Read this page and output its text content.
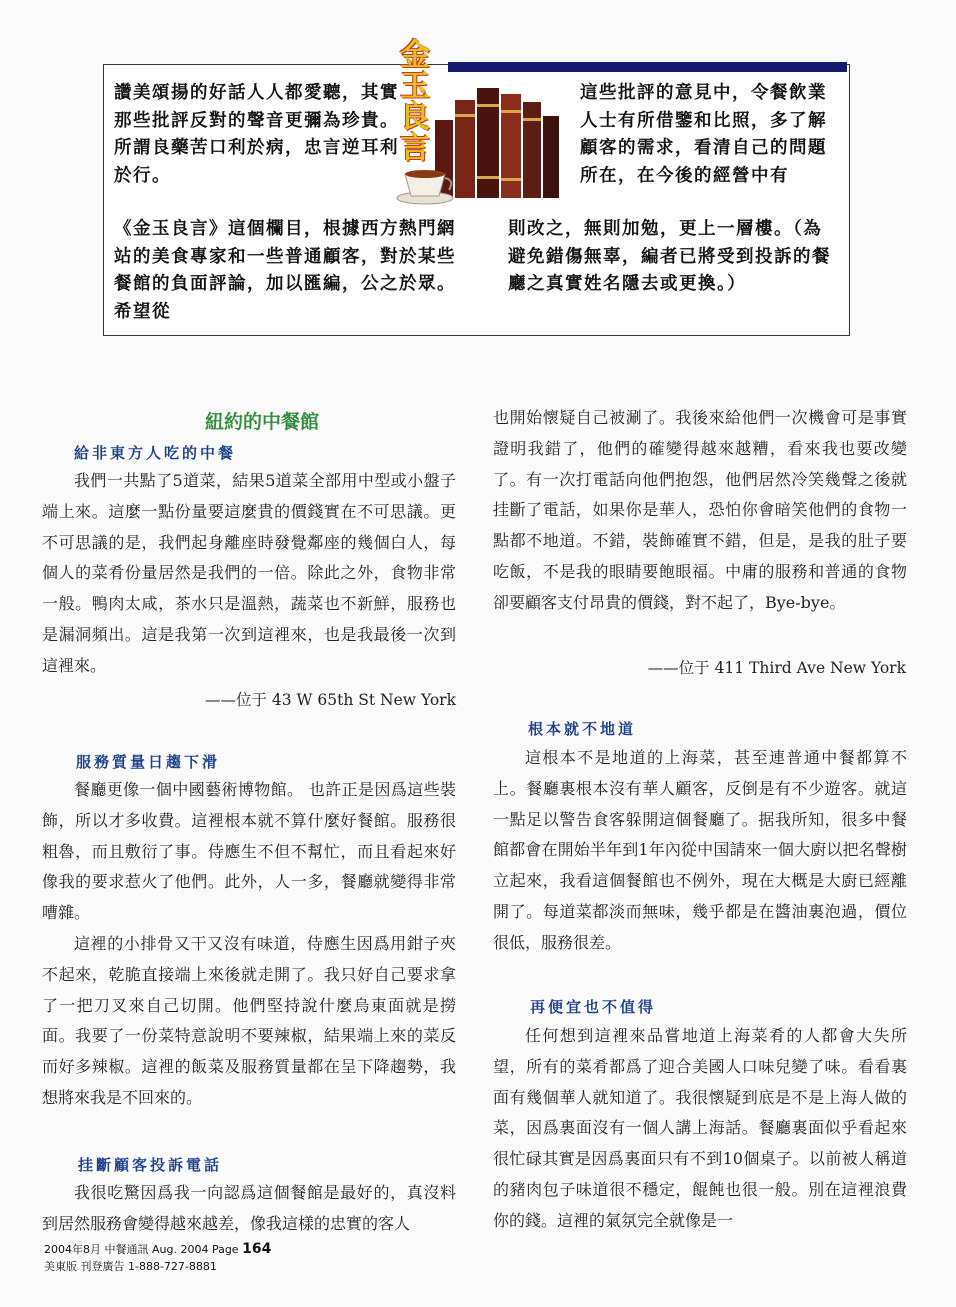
讚美頌揚的好話人人都愛聽，其實那些批評反對的聲音更彌為珍貴。所謂良藥苦口利於病，忠言逆耳利於行。

這些批評的意見中，令餐飲業人士有所借鑒和比照，多了解顧客的需求，看清自己的問題所在，在今後的經營中有

《金玉良言》這個欄目，根據西方熱門網站的美食專家和一些普通顧客，對於某些餐館的負面評論，加以匯編，公之於眾。希望從

則改之，無則加勉，更上一層樓。（為避免錯傷無辜，編者已將受到投訴的餐廳之真實姓名隱去或更換。）

金玉良言
紐約的中餐館
給非東方人吃的中餐

我們一共點了5道菜，結果5道菜全部用中型或小盤子端上來。這麼一點份量要這麼貴的價錢實在不可思議。更不可思議的是，我們起身離座時發覺鄰座的幾個白人，每個人的菜肴份量居然是我們的一倍。除此之外，食物非常一般。鴨肉太咸，茶水只是溫熱，蔬菜也不新鮮，服務也是漏洞頻出。這是我第一次到這裡來，也是我最後一次到這裡來。

——位于 43 W 65th St New York
服務質量日趨下滑

餐廳更像一個中國藝術博物館。 也許正是因爲這些裝飾，所以才多收費。這裡根本就不算什麼好餐館。服務很粗魯，而且敷衍了事。侍應生不但不幫忙，而且看起來好像我的要求惹火了他們。此外，人一多，餐廳就變得非常嘈雜。

這裡的小排骨又干又沒有味道，侍應生因爲用鉗子夾不起來，乾脆直接端上來後就走開了。我只好自己要求拿了一把刀叉來自己切開。他們堅持說什麼烏東面就是撈面。我要了一份菜特意說明不要辣椒，結果端上來的菜反而好多辣椒。這裡的飯菜及服務質量都在呈下降趨勢，我想將來我是不回來的。

挂斷顧客投訴電話

我很吃驚因爲我一向認爲這個餐館是最好的，真沒料到居然服務會變得越來越差，像我這樣的忠實的客人

也開始懷疑自己被涮了。我後來給他們一次機會可是事實證明我錯了，他們的確變得越來越糟，看來我也要改變了。有一次打電話向他們抱怨，他們居然冷笑幾聲之後就挂斷了電話，如果你是華人，恐怕你會暗笑他們的食物一點都不地道。不錯，裝飾確實不錯，但是，是我的肚子要吃飯，不是我的眼睛要飽眼福。中庸的服務和普通的食物卻要顧客支付昂貴的價錢，對不起了，Bye-bye。

——位于 411 Third Ave New York
根本就不地道

這根本不是地道的上海菜，甚至連普通中餐都算不上。餐廳裏根本沒有華人顧客，反倒是有不少遊客。就這一點足以警告食客躲開這個餐廳了。据我所知，很多中餐館都會在開始半年到1年內從中国請來一個大廚以把名聲樹立起來，我看這個餐館也不例外，現在大概是大廚已經離開了。每道菜都淡而無味，幾乎都是在醬油裏泡過，價位很低，服務很差。

再便宜也不值得

任何想到這裡來品嘗地道上海菜肴的人都會大失所望，所有的菜肴都爲了迎合美國人口味兒變了味。看看裏面有幾個華人就知道了。我很懷疑到底是不是上海人做的菜，因爲裏面沒有一個人講上海話。餐廳裏面似乎看起來很忙碌其實是因爲裏面只有不到10個桌子。以前被人稱道的豬肉包子味道很不穩定，餛飩也很一般。別在這裡浪費你的錢。這裡的氣氛完全就像是一

2004年8月 中餐通訊 Aug. 2004 Page 164
美東版 刊登廣告 1-888-727-8881
